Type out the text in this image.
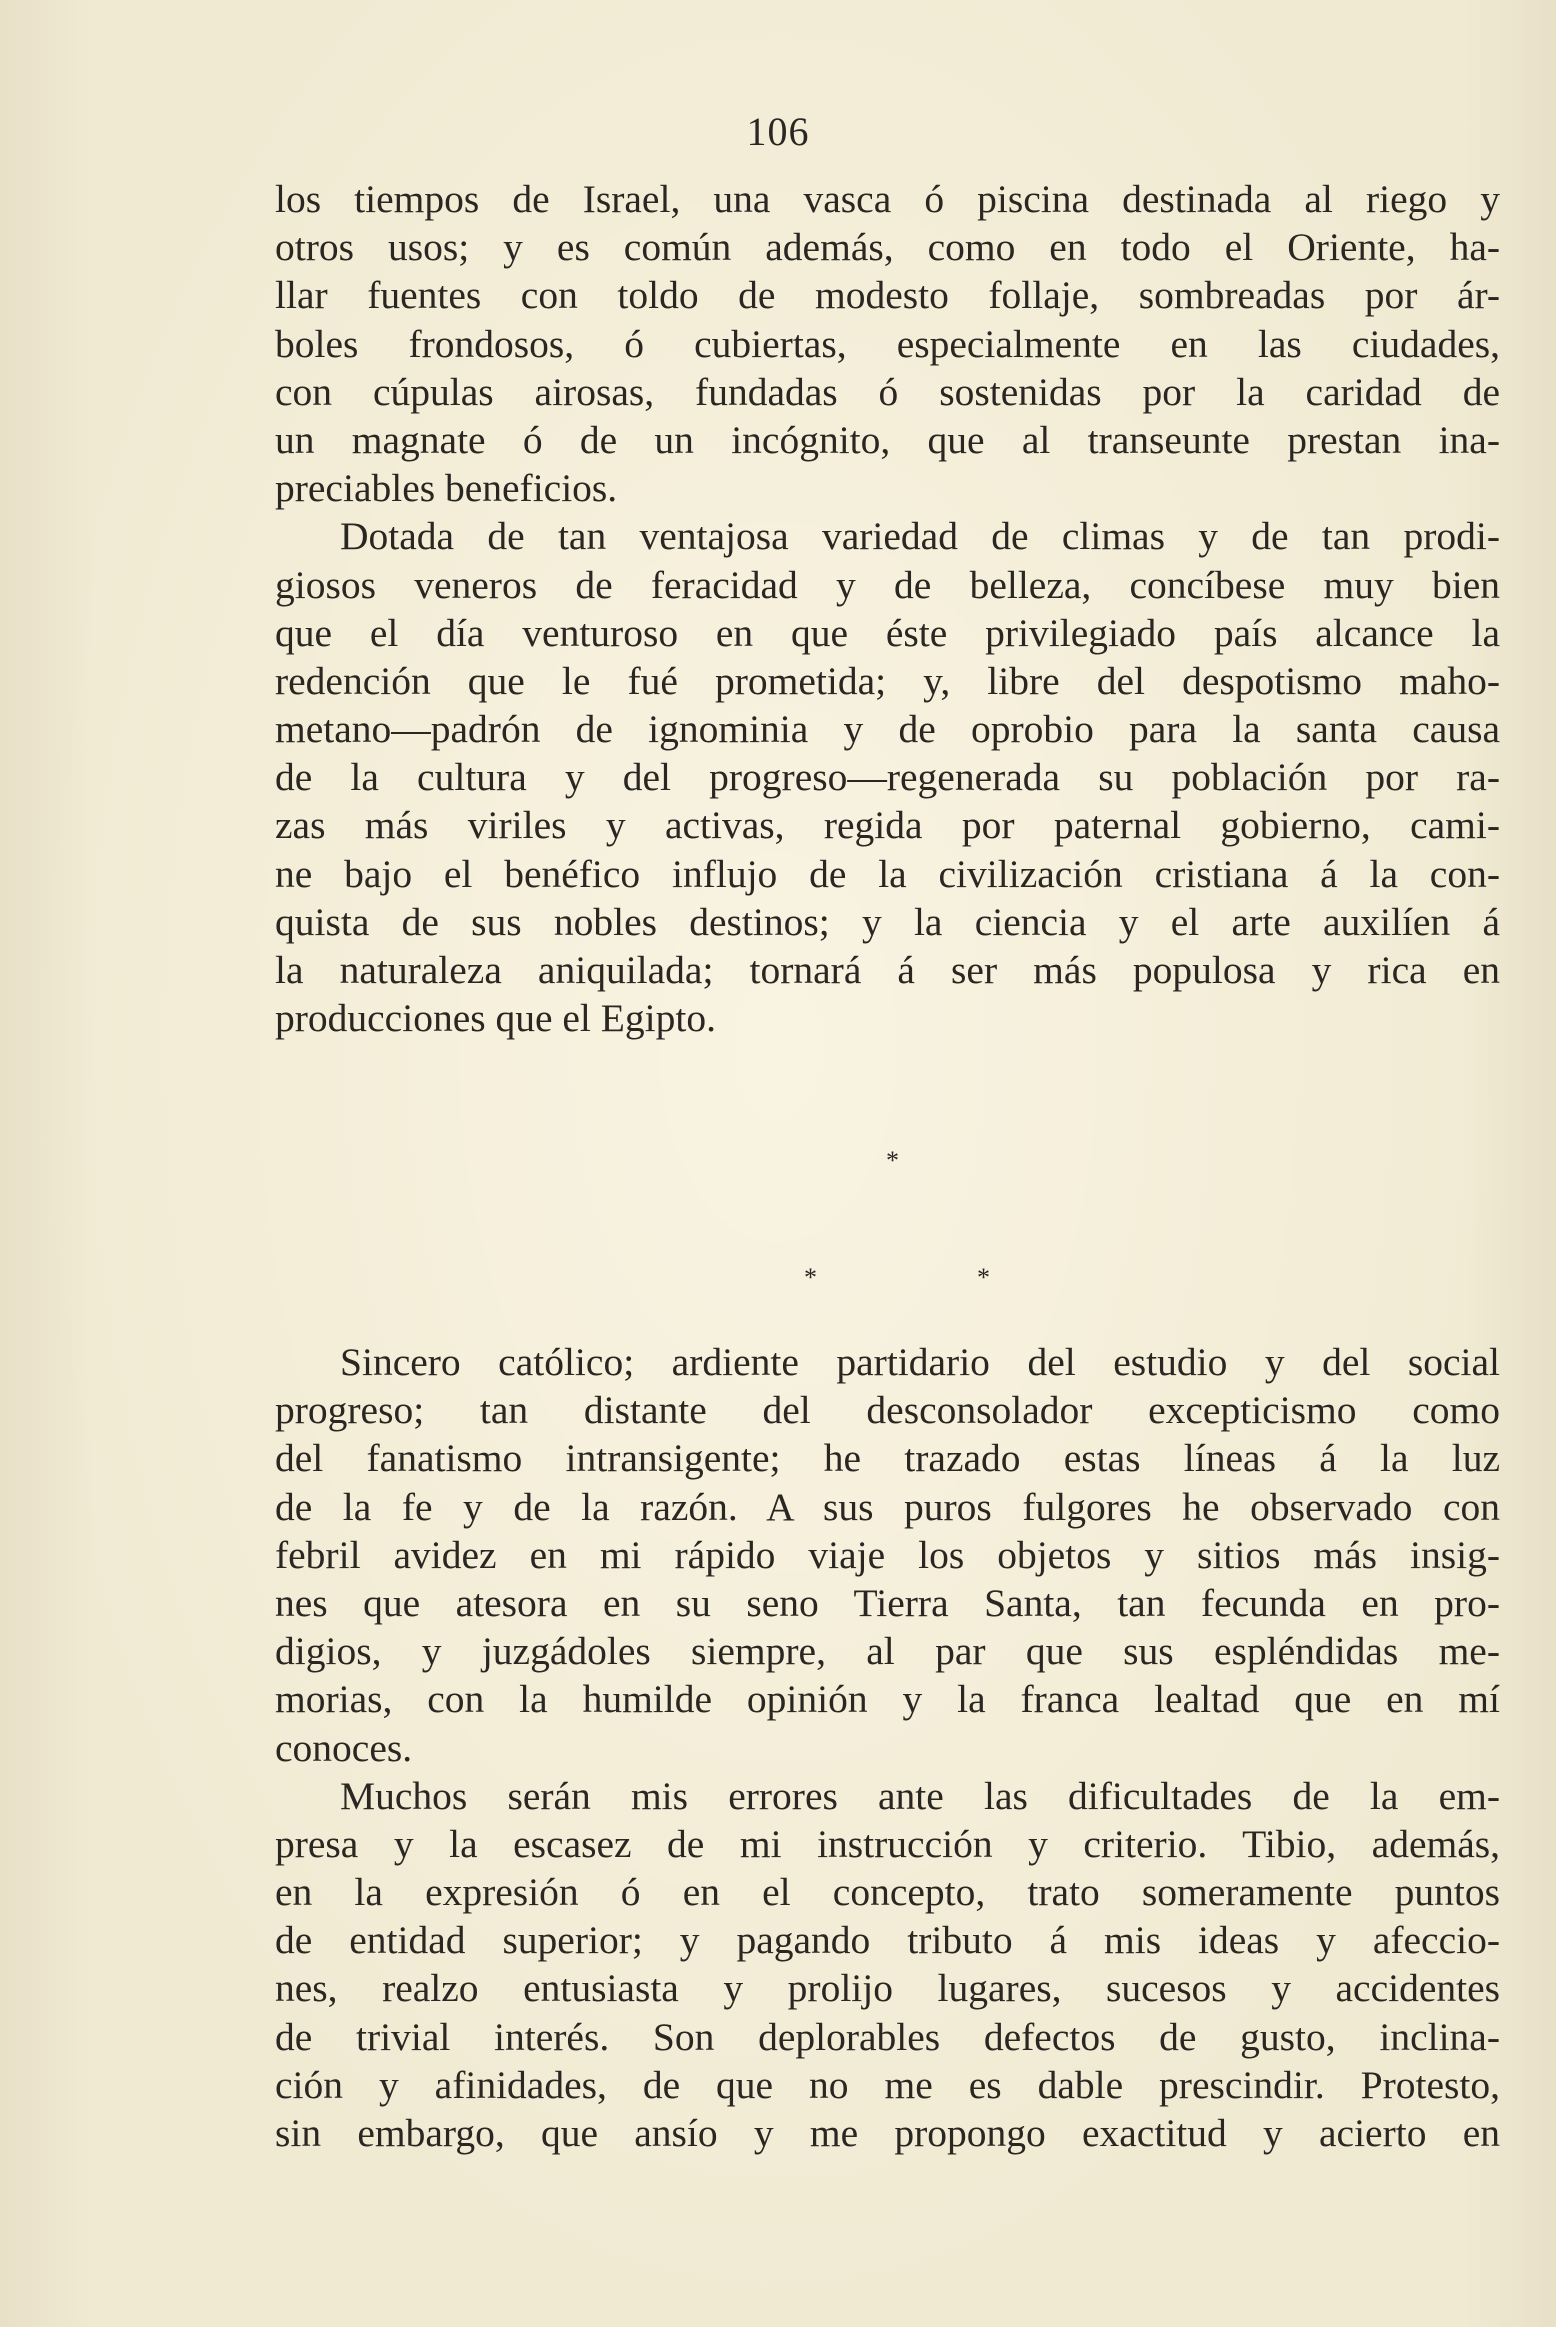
106
los tiempos de Israel, una vasca ó piscina destinada al riego y
otros usos; y es común además, como en todo el Oriente, ha-
llar fuentes con toldo de modesto follaje, sombreadas por ár-
boles frondosos, ó cubiertas, especialmente en las ciudades,
con cúpulas airosas, fundadas ó sostenidas por la caridad de
un magnate ó de un incógnito, que al transeunte prestan ina-
preciables beneficios.
Dotada de tan ventajosa variedad de climas y de tan prodi-
giosos veneros de feracidad y de belleza, concíbese muy bien
que el día venturoso en que éste privilegiado país alcance la
redención que le fué prometida; y, libre del despotismo maho-
metano—padrón de ignominia y de oprobio para la santa causa
de la cultura y del progreso—regenerada su población por ra-
zas más viriles y activas, regida por paternal gobierno, cami-
ne bajo el benéfico influjo de la civilización cristiana á la con-
quista de sus nobles destinos; y la ciencia y el arte auxilíen á
la naturaleza aniquilada; tornará á ser más populosa y rica en
producciones que el Egipto.
*
*	*
Sincero católico; ardiente partidario del estudio y del social
progreso; tan distante del desconsolador excepticismo como
del fanatismo intransigente; he trazado estas líneas á la luz
de la fe y de la razón. A sus puros fulgores he observado con
febril avidez en mi rápido viaje los objetos y sitios más insig-
nes que atesora en su seno Tierra Santa, tan fecunda en pro-
digios, y juzgádoles siempre, al par que sus espléndidas me-
morias, con la humilde opinión y la franca lealtad que en mí
conoces.
Muchos serán mis errores ante las dificultades de la em-
presa y la escasez de mi instrucción y criterio. Tibio, además,
en la expresión ó en el concepto, trato someramente puntos
de entidad superior; y pagando tributo á mis ideas y afeccio-
nes, realzo entusiasta y prolijo lugares, sucesos y accidentes
de trivial interés. Son deplorables defectos de gusto, inclina-
ción y afinidades, de que no me es dable prescindir. Protesto,
sin embargo, que ansío y me propongo exactitud y acierto en
